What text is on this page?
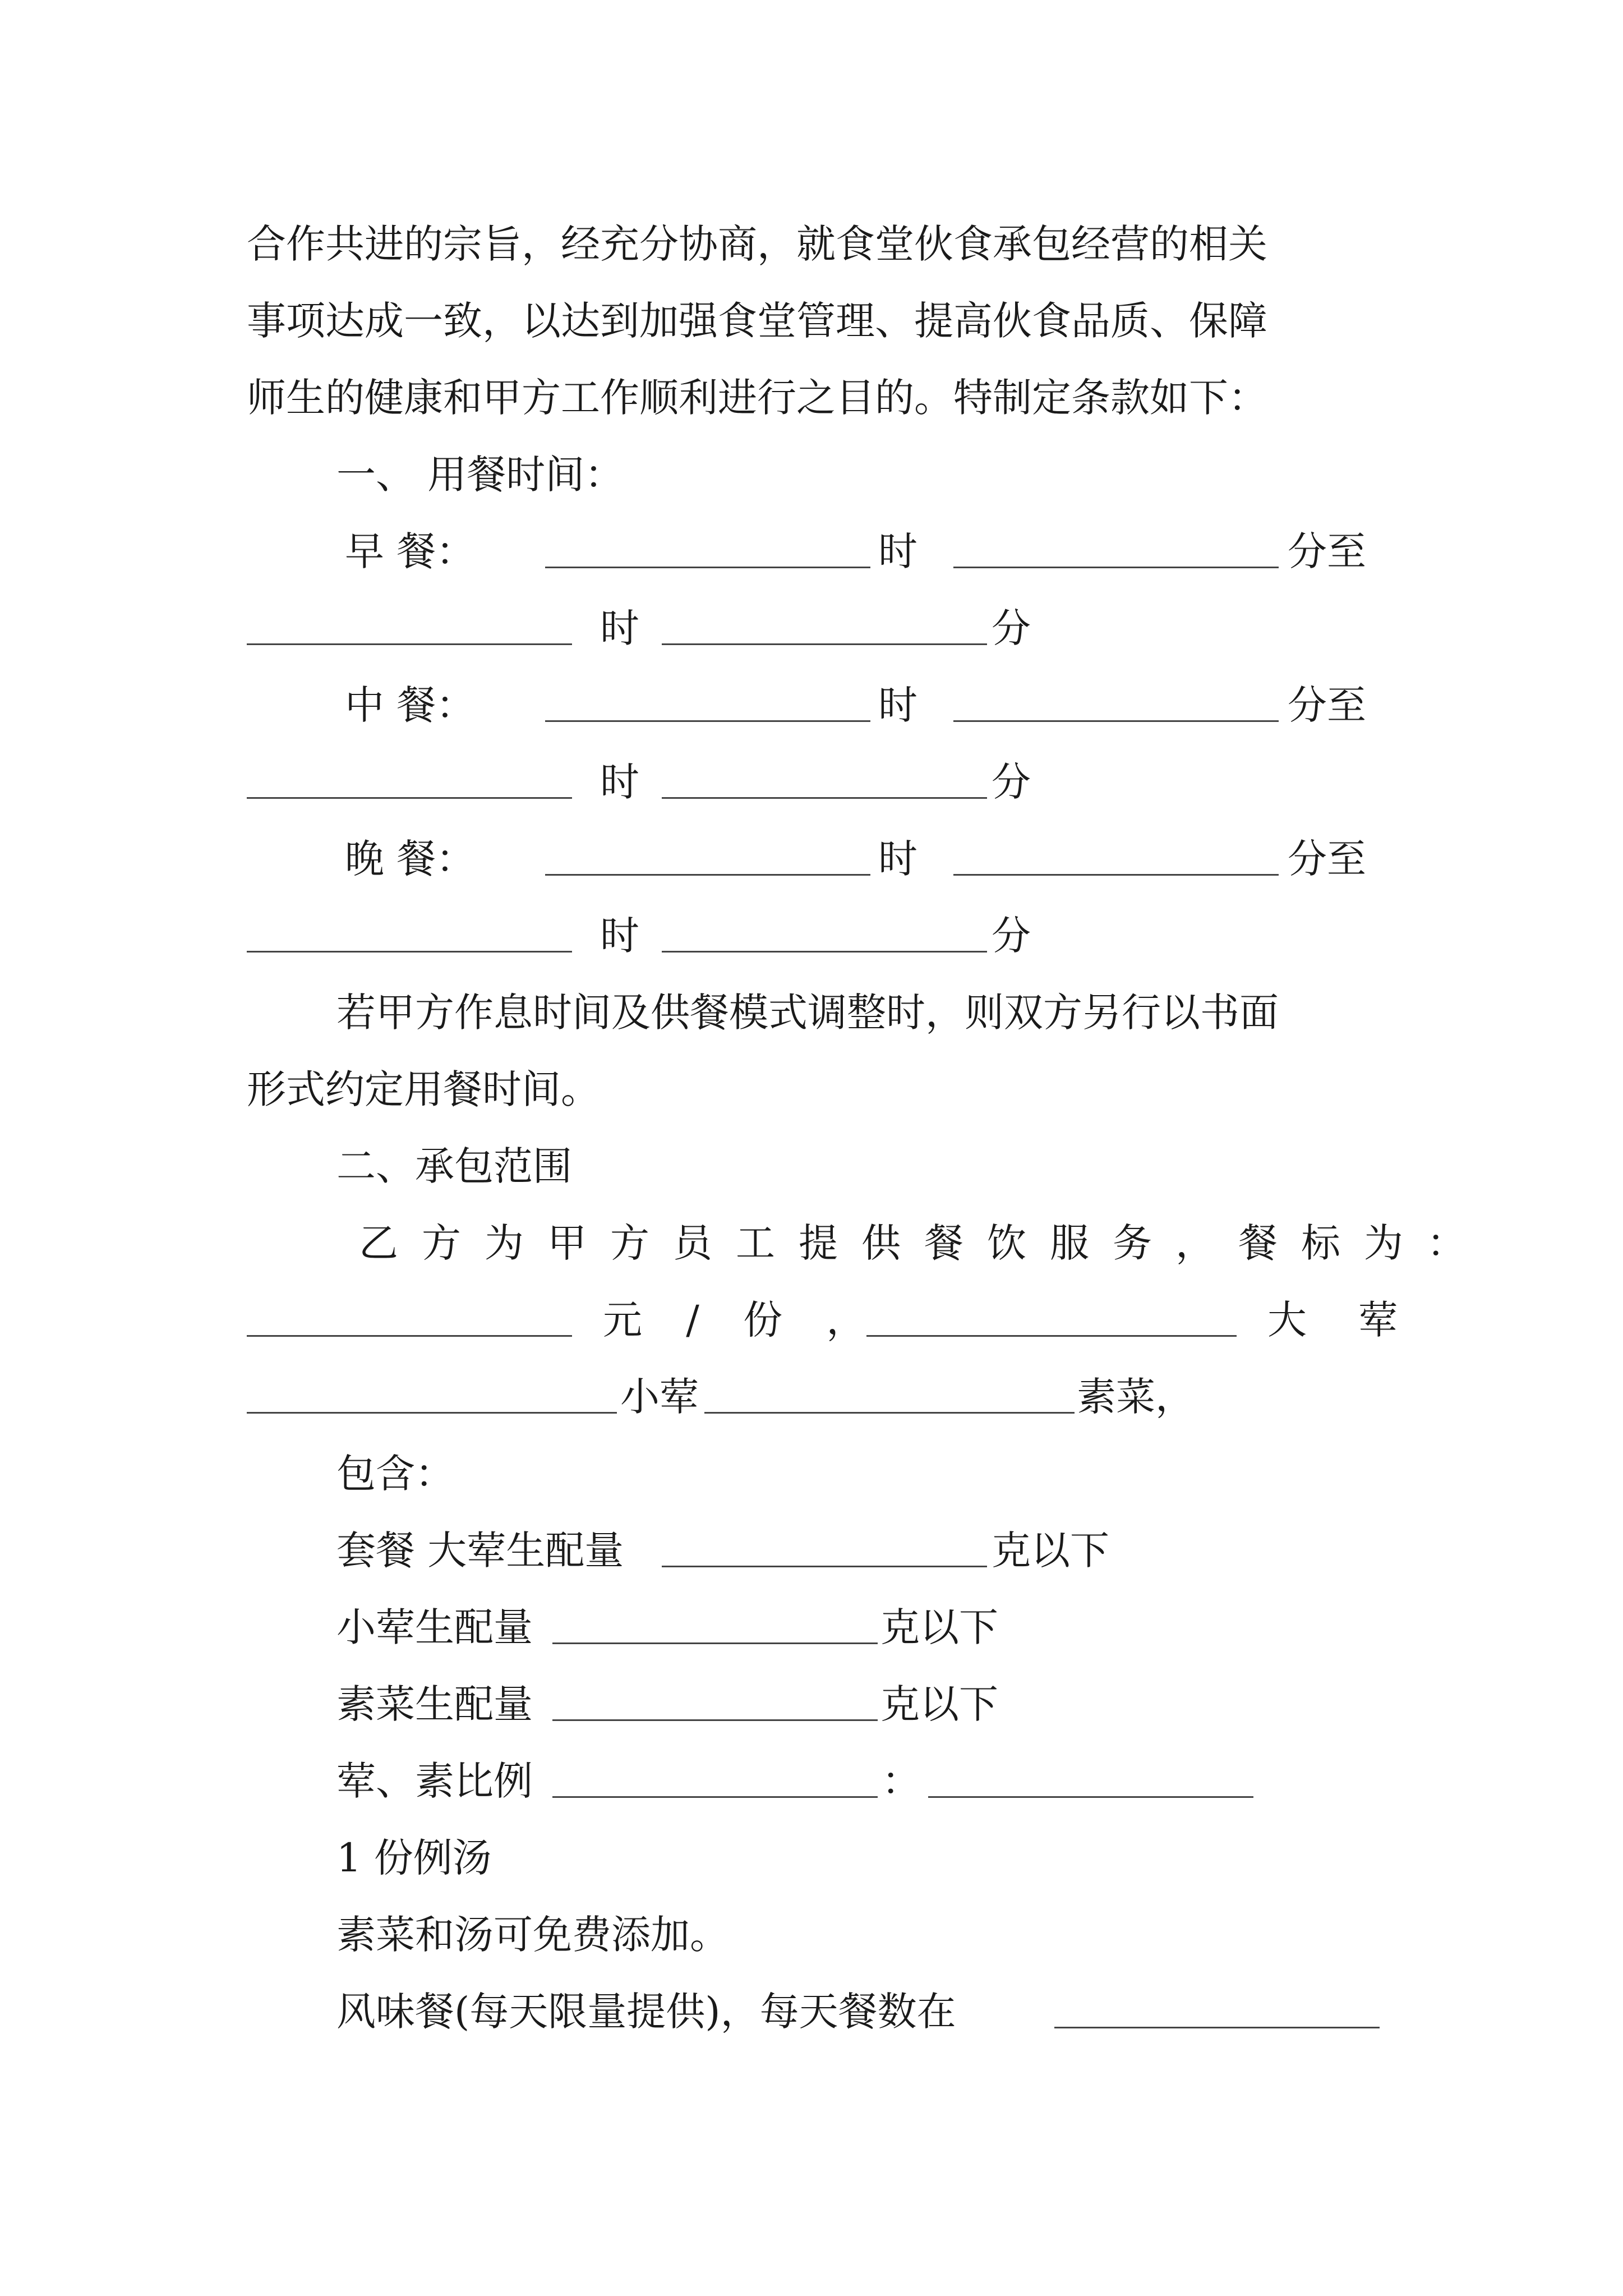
合作共进的宗旨，经充分协商，就食堂伙食承包经营的相关
事项达成一致，以达到加强食堂管理、提高伙食品质、保障
师生的健康和甲方工作顺利进行之目的。特制定条款如下：
一、 用餐时间：
早 餐：	时	分至
时	分
中 餐：	时	分至
时	分
晚 餐：	时	分至
时	分
若甲方作息时间及供餐模式调整时，则双方另行以书面
形式约定用餐时间。
二、承包范围
乙方为甲方员工提供餐饮服务，餐标为：
元 / 份 ，	大 荤
小荤	素菜，
包含：
套餐 大荤生配量	克以下
小荤生配量	克以下
素菜生配量	克以下
荤、素比例	：
1 份例汤
素菜和汤可免费添加。
风味餐(每天限量提供)，每天餐数在
